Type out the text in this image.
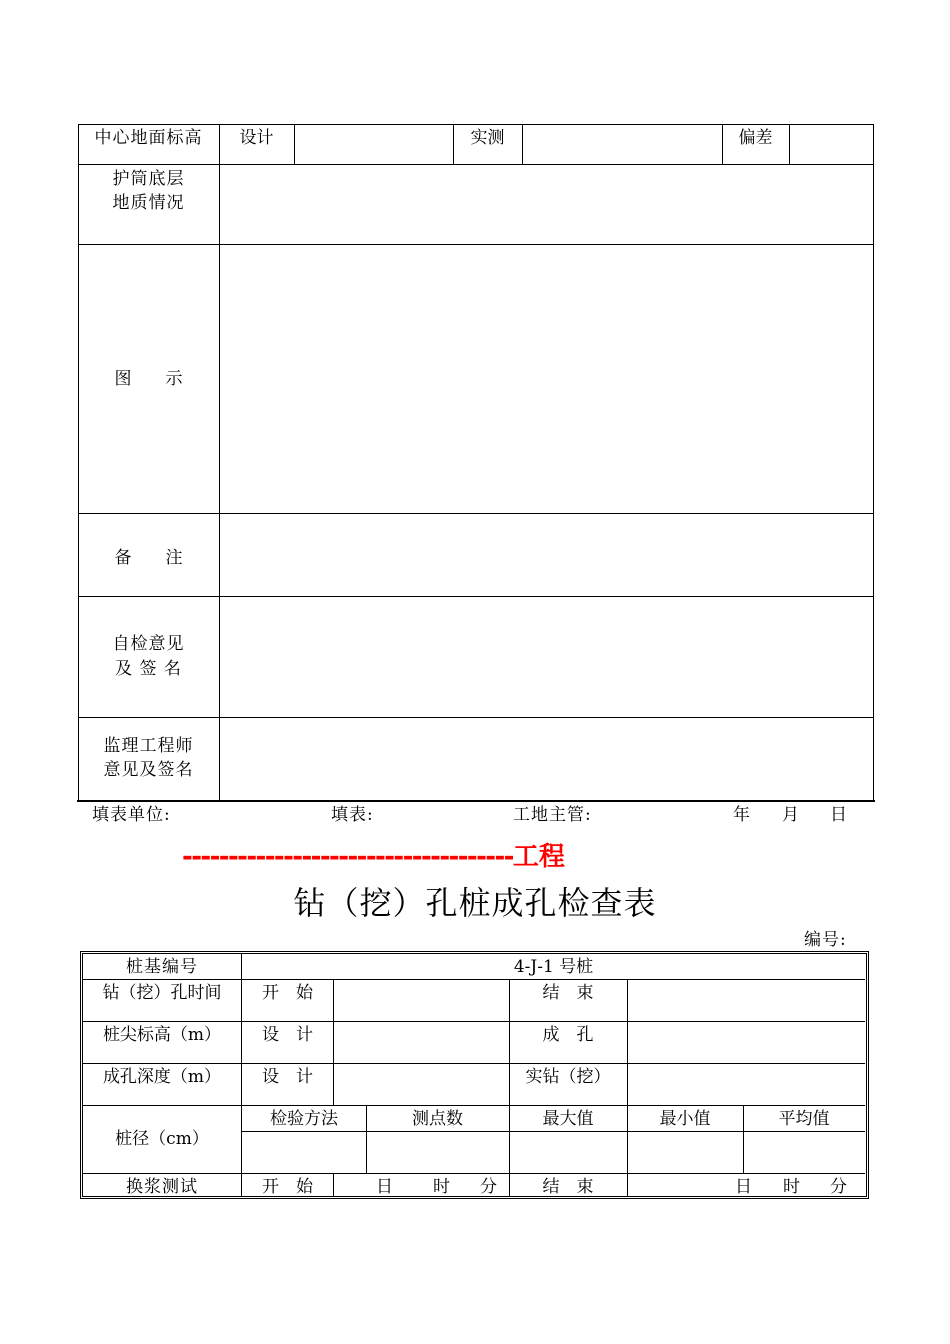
中心地面标高	设计	实测	偏差
护筒底层
地质情况
图　　示
备　　注
自检意见
及 签 名
监理工程师
意见及签名
填表单位:	填表:	工地主管:	年 月 日
------------------------------------工程
钻（挖）孔桩成孔检查表
编号:
桩基编号	4-J-1 号桩
钻（挖）孔时间	开　始	结　束
桩尖标高（m）	设　计	成　孔
成孔深度（m）	设　计	实钻（挖）
桩径（cm）
检验方法	测点数	最大值	最小值	平均值
换浆测试	开　始	日 时 分	结　束	日 时 分
